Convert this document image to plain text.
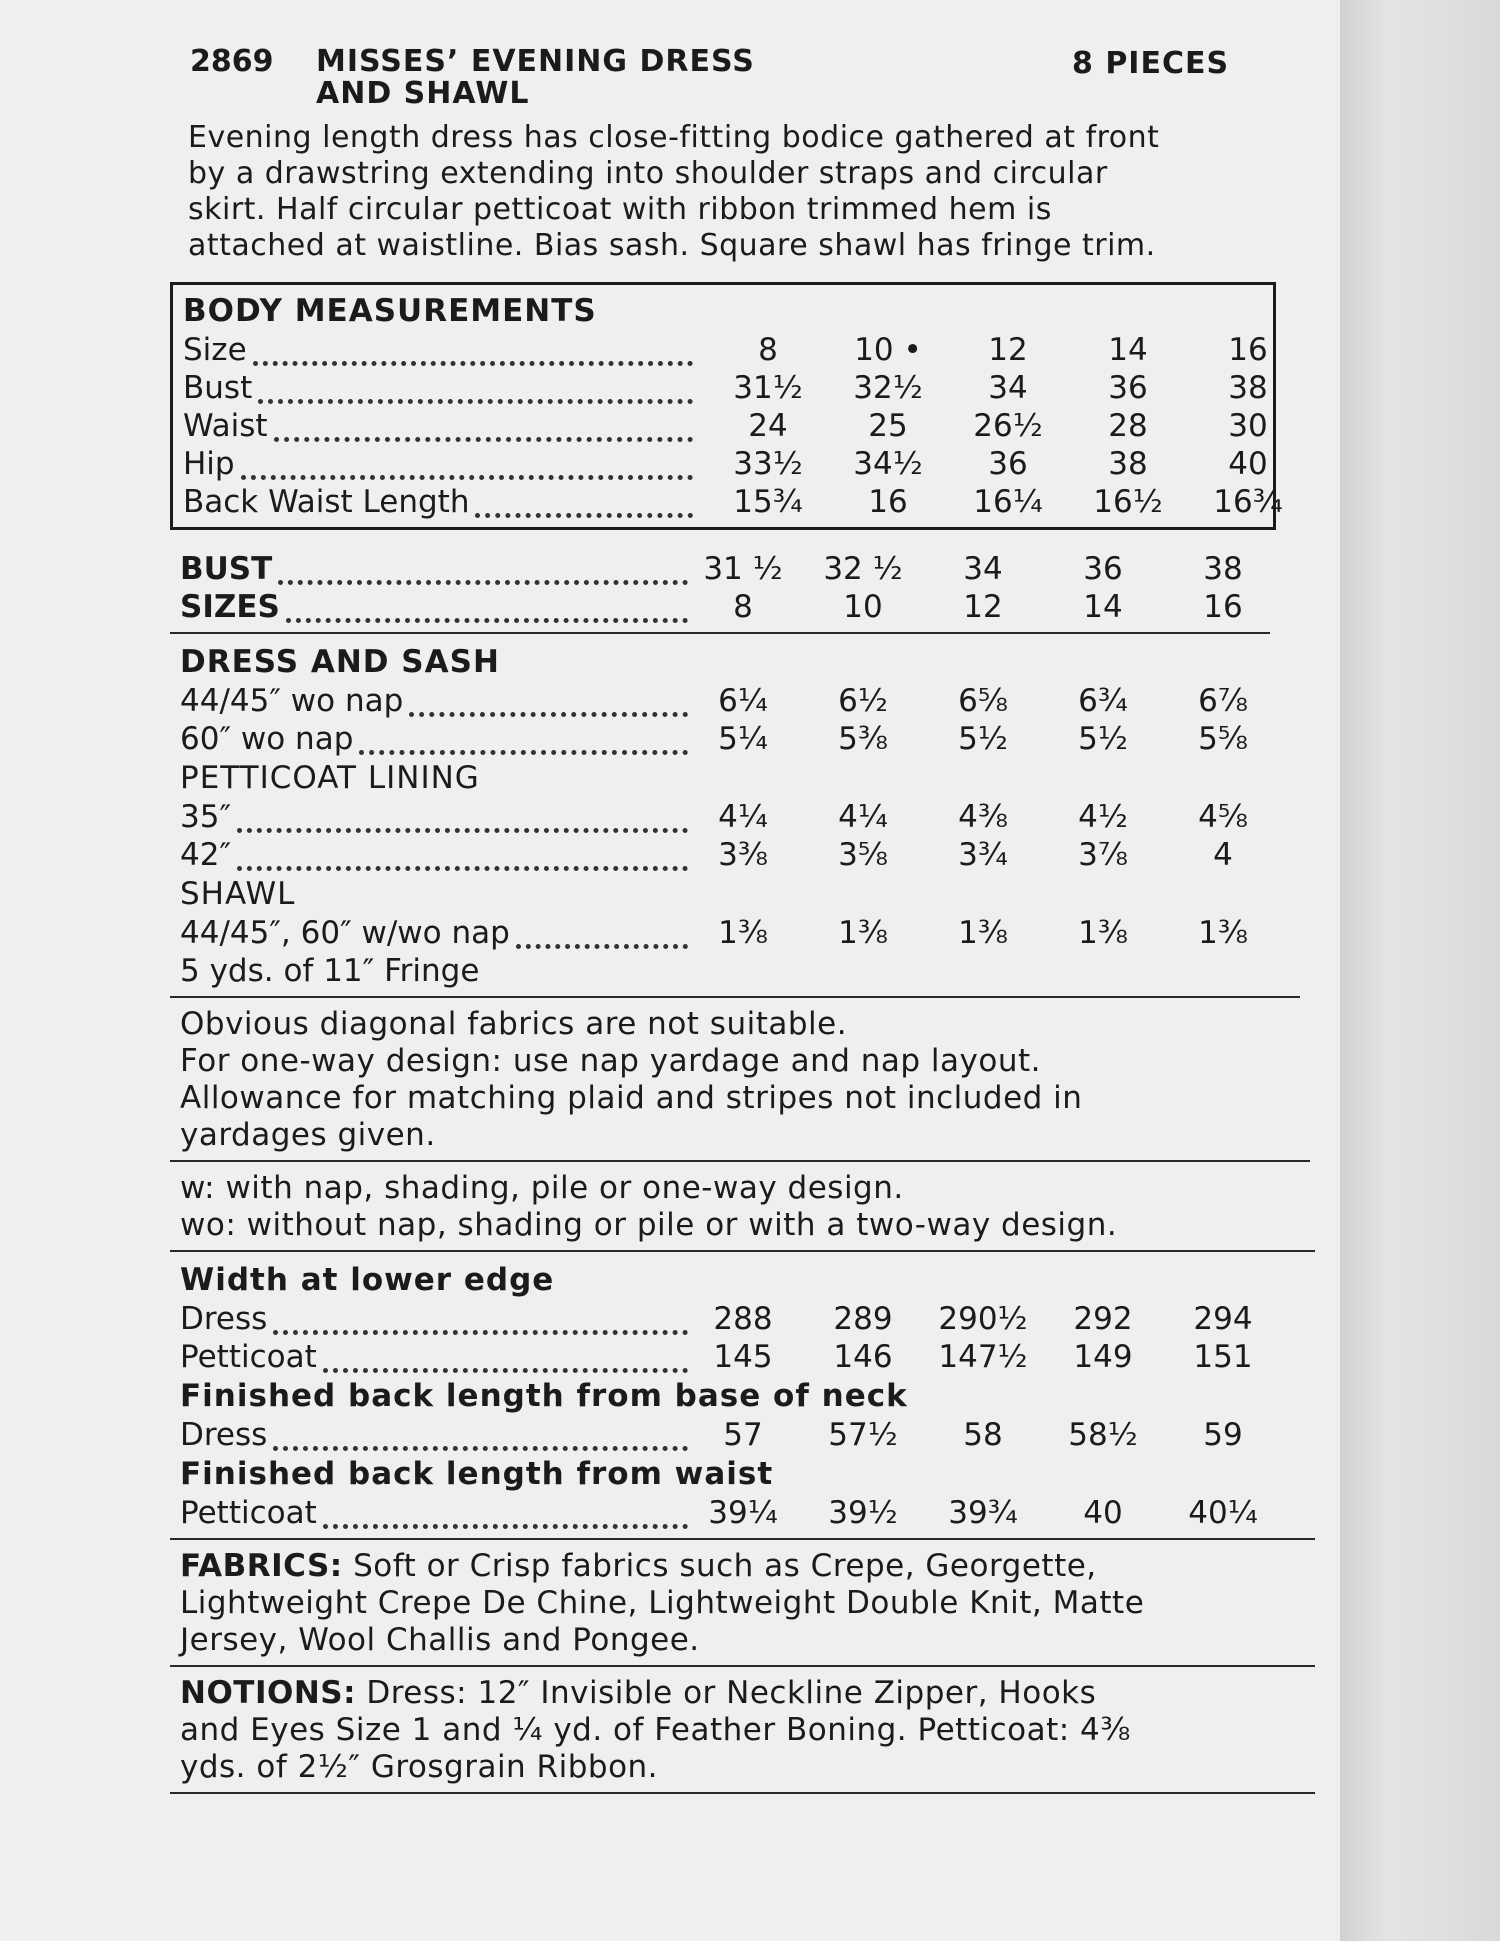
2869 MISSES’ EVENING DRESS
AND SHAWL
8 PIECES
Evening length dress has close-fitting bodice gathered at front
by a drawstring extending into shoulder straps and circular
skirt. Half circular petticoat with ribbon trimmed hem is
attached at waistline. Bias sash. Square shawl has fringe trim.
BODY MEASUREMENTS
Size	8	10 •	12	14	16
Bust	31½	32½	34	36	38
Waist	24	25	26½	28	30
Hip	33½	34½	36	38	40
Back Waist Length	15¾	16	16¼	16½	16¾
BUST	31 ½	32 ½	34	36	38
SIZES	8	10	12	14	16
DRESS AND SASH
44/45″ wo nap	6¼	6½	6⅝	6¾	6⅞
60″ wo nap	5¼	5⅜	5½	5½	5⅝
PETTICOAT LINING
35″	4¼	4¼	4⅜	4½	4⅝
42″	3⅜	3⅝	3¾	3⅞	4
SHAWL
44/45″, 60″ w/wo nap	1⅜	1⅜	1⅜	1⅜	1⅜
5 yds. of 11″ Fringe
Obvious diagonal fabrics are not suitable.
For one-way design: use nap yardage and nap layout.
Allowance for matching plaid and stripes not included in
yardages given.
w: with nap, shading, pile or one-way design.
wo: without nap, shading or pile or with a two-way design.
Width at lower edge
Dress	288	289	290½	292	294
Petticoat	145	146	147½	149	151
Finished back length from base of neck
Dress	57	57½	58	58½	59
Finished back length from waist
Petticoat	39¼	39½	39¾	40	40¼
FABRICS: Soft or Crisp fabrics such as Crepe, Georgette,
Lightweight Crepe De Chine, Lightweight Double Knit, Matte
Jersey, Wool Challis and Pongee.
NOTIONS: Dress: 12″ Invisible or Neckline Zipper, Hooks
and Eyes Size 1 and ¼ yd. of Feather Boning. Petticoat: 4⅜
yds. of 2½″ Grosgrain Ribbon.
